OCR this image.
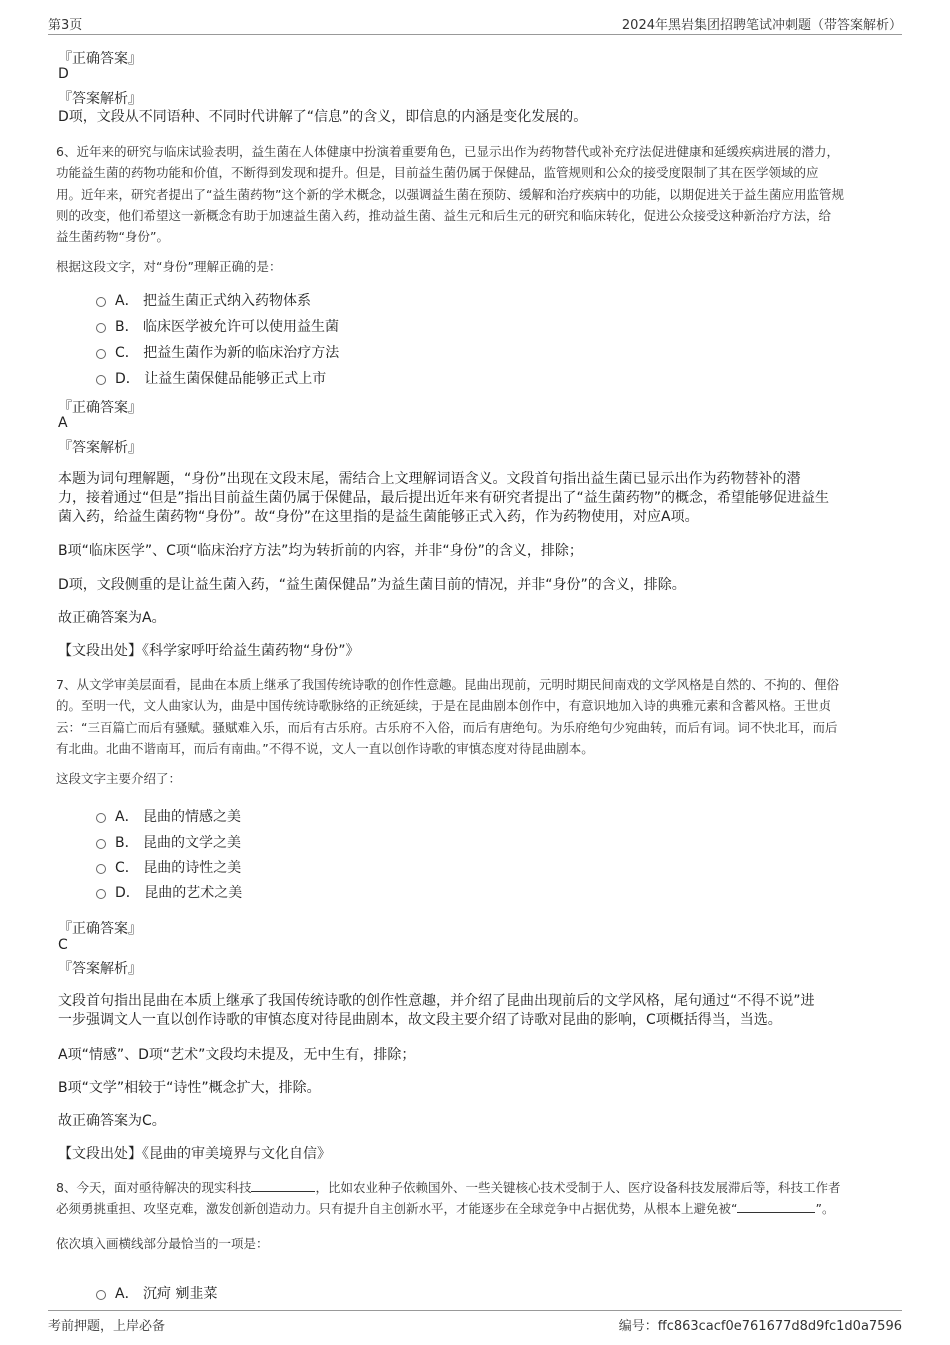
第3页	2024年黑岩集团招聘笔试冲刺题（带答案解析）
『正确答案』
D
『答案解析』
D项，文段从不同语种、不同时代讲解了“信息”的含义，即信息的内涵是变化发展的。
6、近年来的研究与临床试验表明，益生菌在人体健康中扮演着重要角色，已显示出作为药物替代或补充疗法促进健康和延缓疾病进展的潜力，
功能益生菌的药物功能和价值，不断得到发现和提升。但是，目前益生菌仍属于保健品，监管规则和公众的接受度限制了其在医学领域的应
用。近年来，研究者提出了“益生菌药物”这个新的学术概念，以强调益生菌在预防、缓解和治疗疾病中的功能，以期促进关于益生菌应用监管规
则的改变，他们希望这一新概念有助于加速益生菌入药，推动益生菌、益生元和后生元的研究和临床转化，促进公众接受这种新治疗方法，给
益生菌药物“身份”。
根据这段文字，对“身份”理解正确的是：
A． 把益生菌正式纳入药物体系
B． 临床医学被允许可以使用益生菌
C． 把益生菌作为新的临床治疗方法
D． 让益生菌保健品能够正式上市
『正确答案』
A
『答案解析』
本题为词句理解题，“身份”出现在文段末尾，需结合上文理解词语含义。文段首句指出益生菌已显示出作为药物替补的潜
力，接着通过“但是”指出目前益生菌仍属于保健品，最后提出近年来有研究者提出了“益生菌药物”的概念，希望能够促进益生
菌入药，给益生菌药物“身份”。故“身份”在这里指的是益生菌能够正式入药，作为药物使用，对应A项。
B项“临床医学”、C项“临床治疗方法”均为转折前的内容，并非“身份”的含义，排除；
D项，文段侧重的是让益生菌入药，“益生菌保健品”为益生菌目前的情况，并非“身份”的含义，排除。
故正确答案为A。
【文段出处】《科学家呼吁给益生菌药物“身份”》
7、从文学审美层面看，昆曲在本质上继承了我国传统诗歌的创作性意趣。昆曲出现前，元明时期民间南戏的文学风格是自然的、不拘的、俚俗
的。至明一代，文人曲家认为，曲是中国传统诗歌脉络的正统延续，于是在昆曲剧本创作中，有意识地加入诗的典雅元素和含蓄风格。王世贞
云：“三百篇亡而后有骚赋。骚赋难入乐，而后有古乐府。古乐府不入俗，而后有唐绝句。为乐府绝句少宛曲转，而后有词。词不快北耳，而后
有北曲。北曲不谐南耳，而后有南曲。”不得不说，文人一直以创作诗歌的审慎态度对待昆曲剧本。
这段文字主要介绍了：
A． 昆曲的情感之美
B． 昆曲的文学之美
C． 昆曲的诗性之美
D． 昆曲的艺术之美
『正确答案』
C
『答案解析』
文段首句指出昆曲在本质上继承了我国传统诗歌的创作性意趣，并介绍了昆曲出现前后的文学风格，尾句通过“不得不说”进
一步强调文人一直以创作诗歌的审慎态度对待昆曲剧本，故文段主要介绍了诗歌对昆曲的影响，C项概括得当，当选。
A项“情感”、D项“艺术”文段均未提及，无中生有，排除；
B项“文学”相较于“诗性”概念扩大，排除。
故正确答案为C。
【文段出处】《昆曲的审美境界与文化自信》
8、今天，面对亟待解决的现实科技	，比如农业种子依赖国外、一些关键核心技术受制于人、医疗设备科技发展滞后等，科技工作者
必须勇挑重担、攻坚克难，激发创新创造动力。只有提升自主创新水平，才能逐步在全球竞争中占据优势，从根本上避免被“	”。
依次填入画横线部分最恰当的一项是：
A． 沉疴 剜韭菜
考前押题，上岸必备	编号：ffc863cacf0e761677d8d9fc1d0a7596
